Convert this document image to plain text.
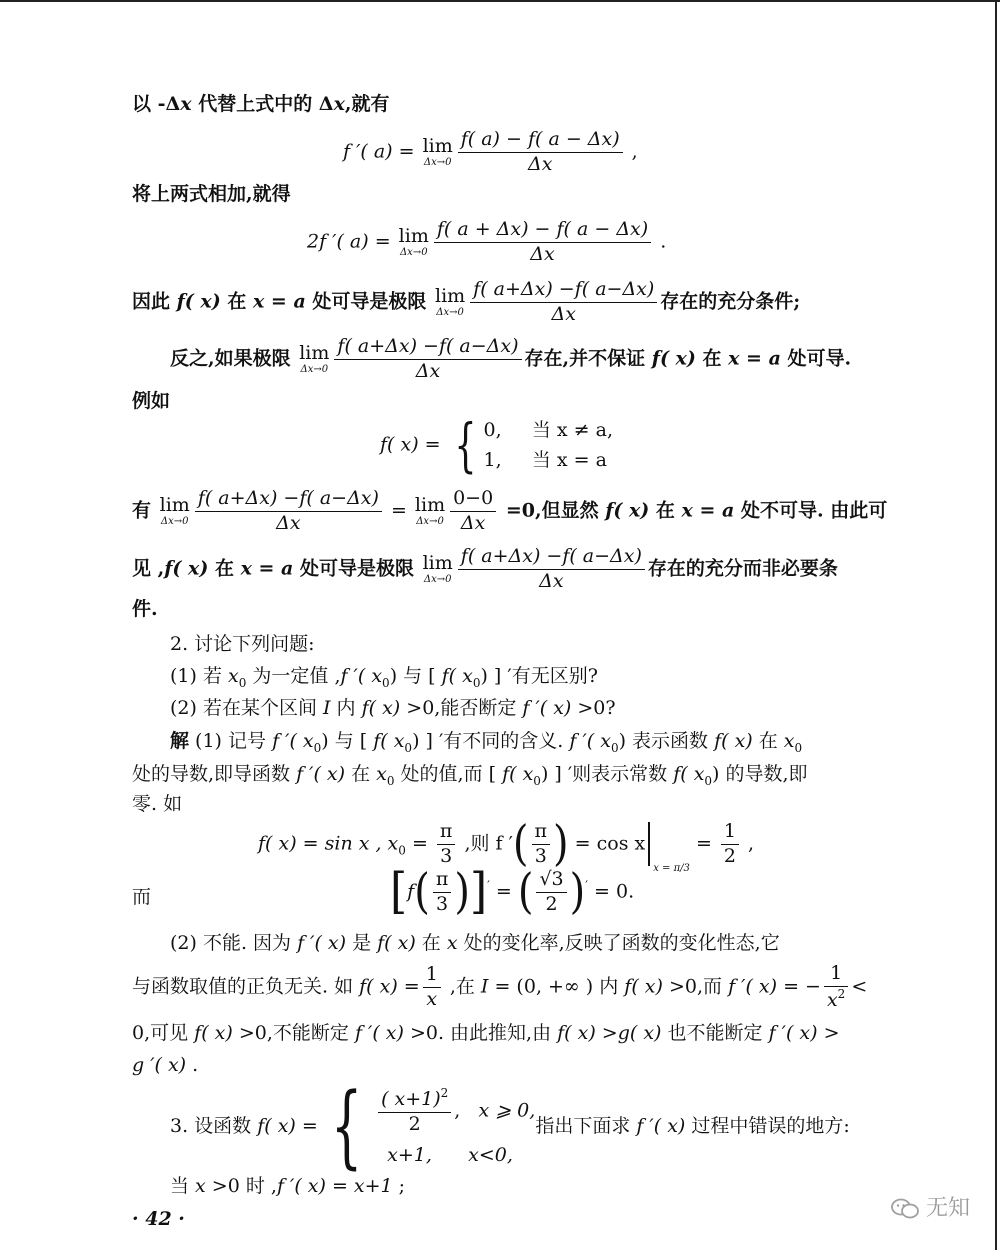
以 -Δx 代替上式中的 Δx,就有
f ′( a) = lim
$\Delta x\to 0 \frac{f( a) - f( a - \Delta x)}{\Delta x}$ ,
将上两式相加,就得
2f ′( a) = lim
$\Delta x\to 0 \frac{f( a + \Delta x) - f( a - \Delta x)}{\Delta x}$ .
因此 f( x) 在 x = a 处可导是极限 lim
$\Delta x\to 0 \frac{f( a+\Delta x) -f( a-\Delta x)}{\Delta x}$ 存在的充分条件;
反之,如果极限 lim
$\Delta x\to 0 \frac{f( a+\Delta x) -f( a-\Delta x)}{\Delta x}$ 存在,并不保证 f( x) 在 x = a 处可导.
例如
f( x) = { 0, 当 x ≠ a,
1, 当 x = a
有 lim
$\Delta x\to 0 \frac{f( a+\Delta x) -f( a-\Delta x)}{\Delta x} = \lim$
$\Delta x\to 0 \frac{0-0}{\Delta x} =0$,但显然 f( x) 在 x = a 处不可导. 由此可
见 ,f( x) 在 x = a 处可导是极限 lim
$\Delta x\to 0 \frac{f( a+\Delta x) -f( a-\Delta x)}{\Delta x}$ 存在的充分而非必要条
件.
2. 讨论下列问题:
(1) 若 $x_0$ 为一定值 ,f ′( $x_0$) 与 [ f( $x_0$) ] ′有无区别?
(2) 若在某个区间 I 内 f( x) >0,能否断定 f ′( x) >0?
解 (1) 记号 f ′( $x_0$) 与 [ f( $x_0$) ] ′有不同的含义. f ′( $x_0$) 表示函数 f( x) 在 $x_0$
处的导数,即导函数 f ′( x) 在 $x_0$ 处的值,而 [ f( $x_0$) ] ′则表示常数 f( $x_0$) 的导数,即
零. 如
f( x) = sin x , $x_0 = \frac{\pi}{3}$ ,则 f ′( $\frac{\pi}{3}$ ) = cos xx = $\pi/3 = \frac{1}{2}$ ,
而	$[f( \frac{\pi}{3} )]'$ = ( $\frac{√3}{2} )' = 0$.
(2) 不能. 因为 f ′( x) 是 f( x) 在 x 处的变化率,反映了函数的变化性态,它
与函数取值的正负无关. 如 f( $x) = \frac{1}{x}$ ,在 I = (0, +∞ ) 内 f( x) >0,而 f ′( x) = − $\frac{1}{x^2}$ <
0,可见 f( x) >0,不能断定 f ′( x) >0. 由此推知,由 f( x) >g( x) 也不能断定 f ′( x) >
g ′( x) .
3. 设函数 f( x) = { $\frac{( x+1)^2}{2}$ , x ⩾ 0,
x+1, x<0,
指出下面求 f ′( x) 过程中错误的地方:
当 x >0 时 ,f ′( x) = x+1 ;
· 42 ·	无知
